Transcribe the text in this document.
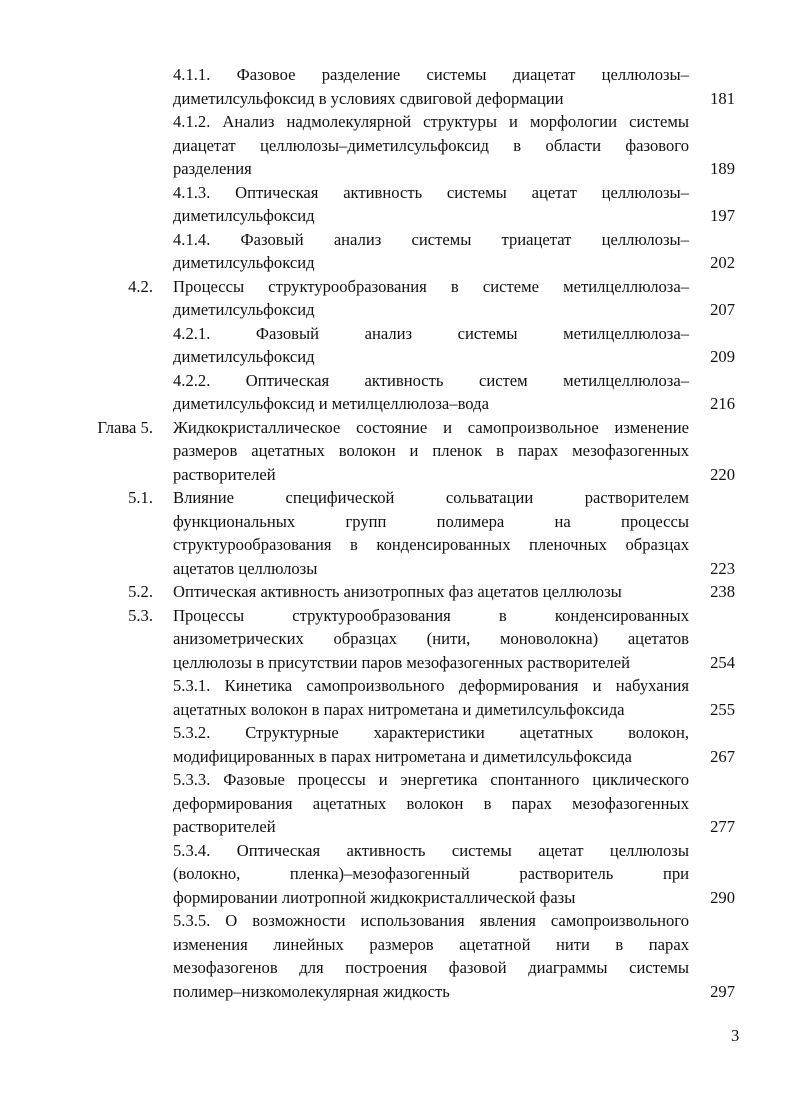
4.1.1. Фазовое разделение системы диацетат целлюлозы–
диметилсульфоксид в условиях сдвиговой деформации	181
4.1.2. Анализ надмолекулярной структуры и морфологии системы
диацетат целлюлозы–диметилсульфоксид в области фазового
разделения	189
4.1.3. Оптическая активность системы ацетат целлюлозы–
диметилсульфоксид	197
4.1.4. Фазовый анализ системы триацетат целлюлозы–
диметилсульфоксид	202
4.2. Процессы структурообразования в системе метилцеллюлоза–
диметилсульфоксид	207
4.2.1. Фазовый анализ системы метилцеллюлоза–
диметилсульфоксид	209
4.2.2. Оптическая активность систем метилцеллюлоза–
диметилсульфоксид и метилцеллюлоза–вода	216
Глава 5. Жидкокристаллическое состояние и самопроизвольное изменение
размеров ацетатных волокон и пленок в парах мезофазогенных
растворителей	220
5.1. Влияние специфической сольватации растворителем
функциональных групп полимера на процессы
структурообразования в конденсированных пленочных образцах
ацетатов целлюлозы	223
5.2. Оптическая активность анизотропных фаз ацетатов целлюлозы	238
5.3. Процессы структурообразования в конденсированных
анизометрических образцах (нити, моноволокна) ацетатов
целлюлозы в присутствии паров мезофазогенных растворителей	254
5.3.1. Кинетика самопроизвольного деформирования и набухания
ацетатных волокон в парах нитрометана и диметилсульфоксида	255
5.3.2. Структурные характеристики ацетатных волокон,
модифицированных в парах нитрометана и диметилсульфоксида	267
5.3.3. Фазовые процессы и энергетика спонтанного циклического
деформирования ацетатных волокон в парах мезофазогенных
растворителей	277
5.3.4. Оптическая активность системы ацетат целлюлозы
(волокно, пленка)–мезофазогенный растворитель при
формировании лиотропной жидкокристаллической фазы	290
5.3.5. О возможности использования явления самопроизвольного
изменения линейных размеров ацетатной нити в парах
мезофазогенов для построения фазовой диаграммы системы
полимер–низкомолекулярная жидкость	297
3
